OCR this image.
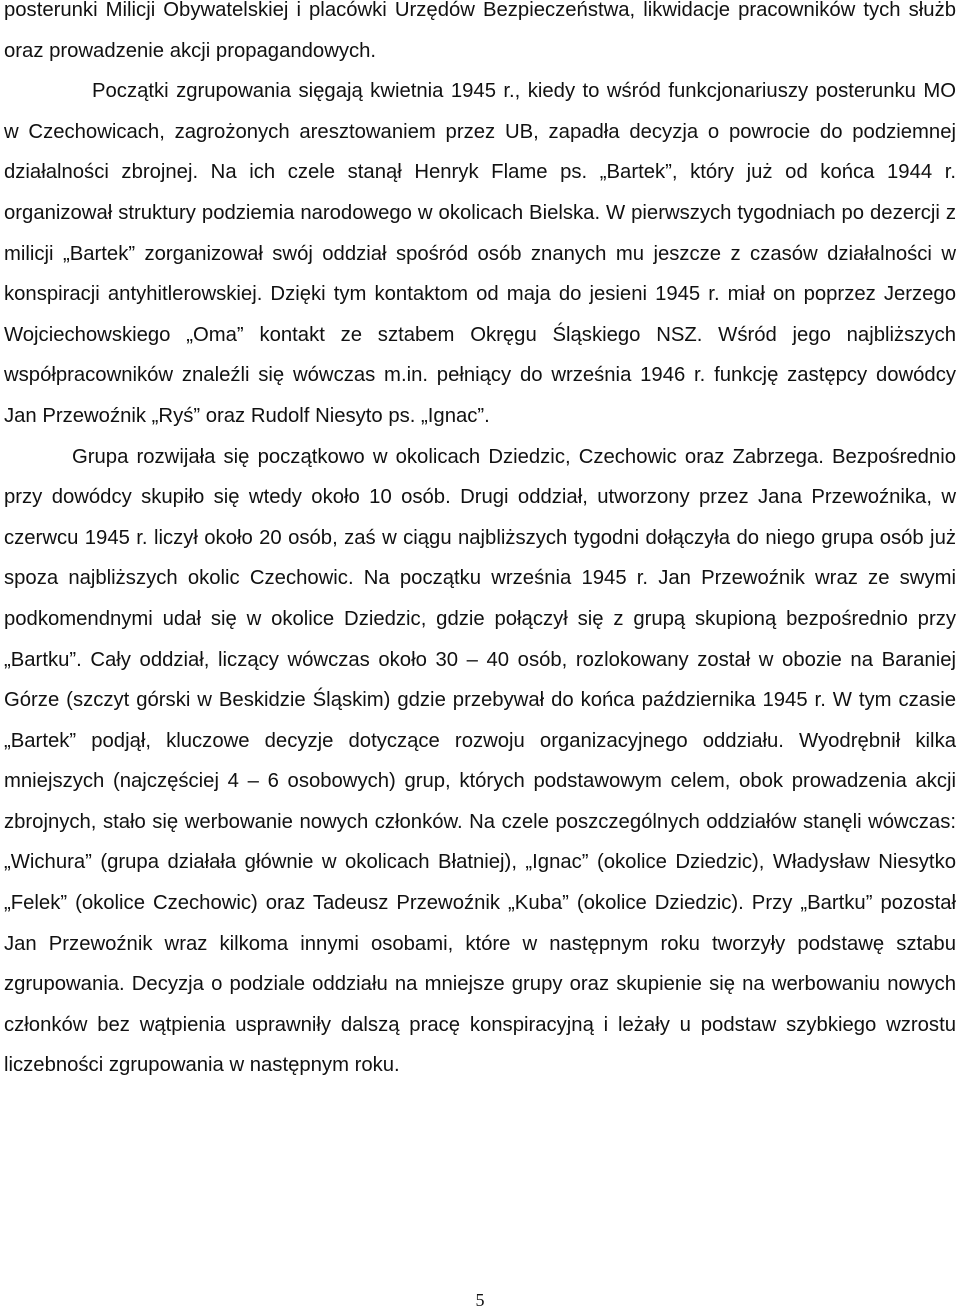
posterunki Milicji Obywatelskiej i placówki Urzędów Bezpieczeństwa, likwidacje pracowników tych służb oraz prowadzenie akcji propagandowych.

Początki zgrupowania sięgają kwietnia 1945 r., kiedy to wśród funkcjonariuszy posterunku MO w Czechowicach, zagrożonych aresztowaniem przez UB, zapadła decyzja o powrocie do podziemnej działalności zbrojnej. Na ich czele stanął Henryk Flame ps. „Bartek”, który już od końca 1944 r. organizował struktury podziemia narodowego w okolicach Bielska. W pierwszych tygodniach po dezercji z milicji „Bartek” zorganizował swój oddział spośród osób znanych mu jeszcze z czasów działalności w konspiracji antyhitlerowskiej. Dzięki tym kontaktom od maja do jesieni 1945 r. miał on poprzez Jerzego Wojciechowskiego „Oma” kontakt ze sztabem Okręgu Śląskiego NSZ. Wśród jego najbliższych współpracowników znaleźli się wówczas m.in. pełniący do września 1946 r. funkcję zastępcy dowódcy Jan Przewoźnik „Ryś” oraz Rudolf Niesyto ps. „Ignac”.

Grupa rozwijała się początkowo w okolicach Dziedzic, Czechowic oraz Zabrzega. Bezpośrednio przy dowódcy skupiło się wtedy około 10 osób. Drugi oddział, utworzony przez Jana Przewoźnika, w czerwcu 1945 r. liczył około 20 osób, zaś w ciągu najbliższych tygodni dołączyła do niego grupa osób już spoza najbliższych okolic Czechowic. Na początku września 1945 r. Jan Przewoźnik wraz ze swymi podkomendnymi udał się w okolice Dziedzic, gdzie połączył się z grupą skupioną bezpośrednio przy „Bartku”. Cały oddział, liczący wówczas około 30 – 40 osób, rozlokowany został w obozie na Baraniej Górze (szczyt górski w Beskidzie Śląskim) gdzie przebywał do końca października 1945 r. W tym czasie „Bartek” podjął, kluczowe decyzje dotyczące rozwoju organizacyjnego oddziału. Wyodrębnił kilka mniejszych (najczęściej 4 – 6 osobowych) grup, których podstawowym celem, obok prowadzenia akcji zbrojnych, stało się werbowanie nowych członków. Na czele poszczególnych oddziałów stanęli wówczas: „Wichura” (grupa działała głównie w okolicach Błatniej), „Ignac” (okolice Dziedzic), Władysław Niesytko „Felek” (okolice Czechowic) oraz Tadeusz Przewoźnik „Kuba” (okolice Dziedzic). Przy „Bartku” pozostał Jan Przewoźnik wraz kilkoma innymi osobami, które w następnym roku tworzyły podstawę sztabu zgrupowania. Decyzja o podziale oddziału na mniejsze grupy oraz skupienie się na werbowaniu nowych członków bez wątpienia usprawniły dalszą pracę konspiracyjną i leżały u podstaw szybkiego wzrostu liczebności zgrupowania w następnym roku.

5
